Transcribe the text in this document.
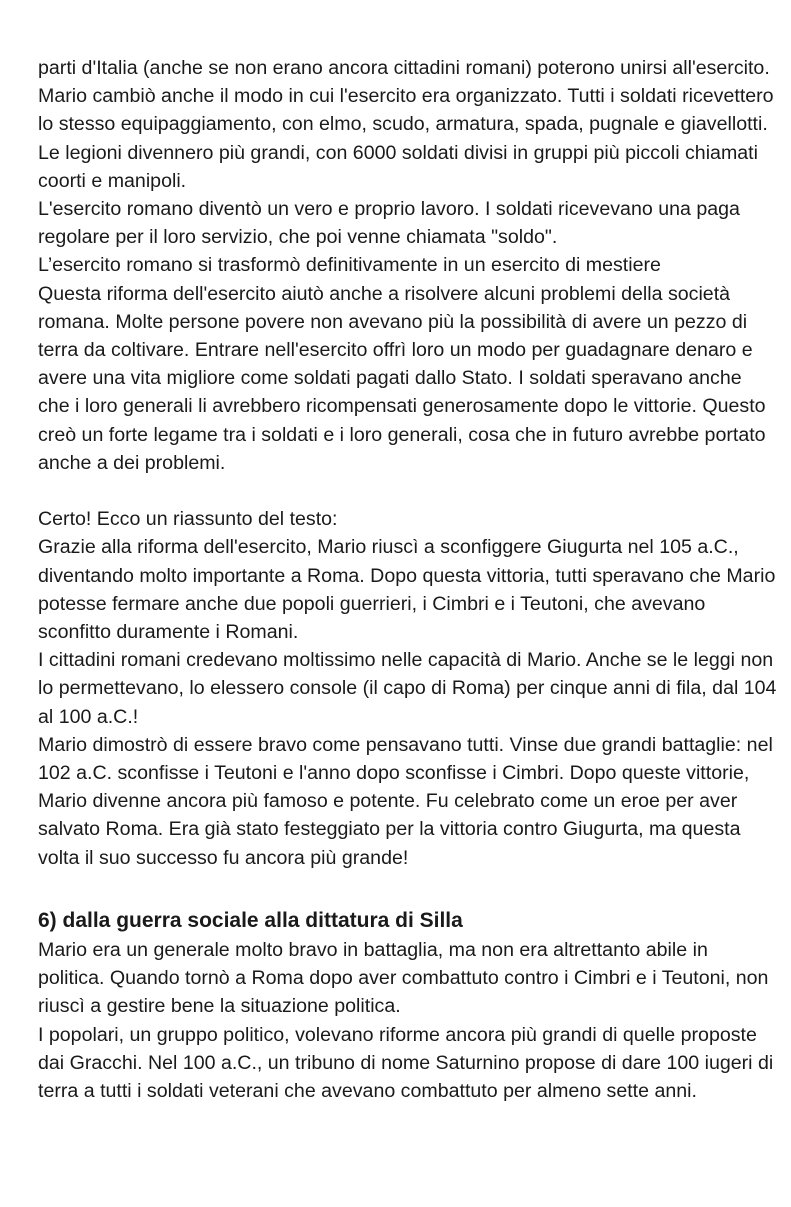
parti d'Italia (anche se non erano ancora cittadini romani) poterono unirsi all'esercito.

Mario cambiò anche il modo in cui l'esercito era organizzato. Tutti i soldati ricevettero lo stesso equipaggiamento, con elmo, scudo, armatura, spada, pugnale e giavellotti. Le legioni divennero più grandi, con 6000 soldati divisi in gruppi più piccoli chiamati coorti e manipoli.

L'esercito romano diventò un vero e proprio lavoro. I soldati ricevevano una paga regolare per il loro servizio, che poi venne chiamata "soldo".

L’esercito romano si trasformò definitivamente in un esercito di mestiere

Questa riforma dell'esercito aiutò anche a risolvere alcuni problemi della società romana. Molte persone povere non avevano più la possibilità di avere un pezzo di terra da coltivare. Entrare nell'esercito offrì loro un modo per guadagnare denaro e avere una vita migliore come soldati pagati dallo Stato. I soldati speravano anche che i loro generali li avrebbero ricompensati generosamente dopo le vittorie. Questo creò un forte legame tra i soldati e i loro generali, cosa che in futuro avrebbe portato anche a dei problemi.

Certo! Ecco un riassunto del testo:

Grazie alla riforma dell'esercito, Mario riuscì a sconfiggere Giugurta nel 105 a.C., diventando molto importante a Roma. Dopo questa vittoria, tutti speravano che Mario potesse fermare anche due popoli guerrieri, i Cimbri e i Teutoni, che avevano sconfitto duramente i Romani.

I cittadini romani credevano moltissimo nelle capacità di Mario. Anche se le leggi non lo permettevano, lo elessero console (il capo di Roma) per cinque anni di fila, dal 104 al 100 a.C.!

Mario dimostrò di essere bravo come pensavano tutti. Vinse due grandi battaglie: nel 102 a.C. sconfisse i Teutoni e l'anno dopo sconfisse i Cimbri. Dopo queste vittorie, Mario divenne ancora più famoso e potente. Fu celebrato come un eroe per aver salvato Roma. Era già stato festeggiato per la vittoria contro Giugurta, ma questa volta il suo successo fu ancora più grande!

6) dalla guerra sociale alla dittatura di Silla

Mario era un generale molto bravo in battaglia, ma non era altrettanto abile in politica. Quando tornò a Roma dopo aver combattuto contro i Cimbri e i Teutoni, non riuscì a gestire bene la situazione politica.

I popolari, un gruppo politico, volevano riforme ancora più grandi di quelle proposte dai Gracchi. Nel 100 a.C., un tribuno di nome Saturnino propose di dare 100 iugeri di terra a tutti i soldati veterani che avevano combattuto per almeno sette anni.
